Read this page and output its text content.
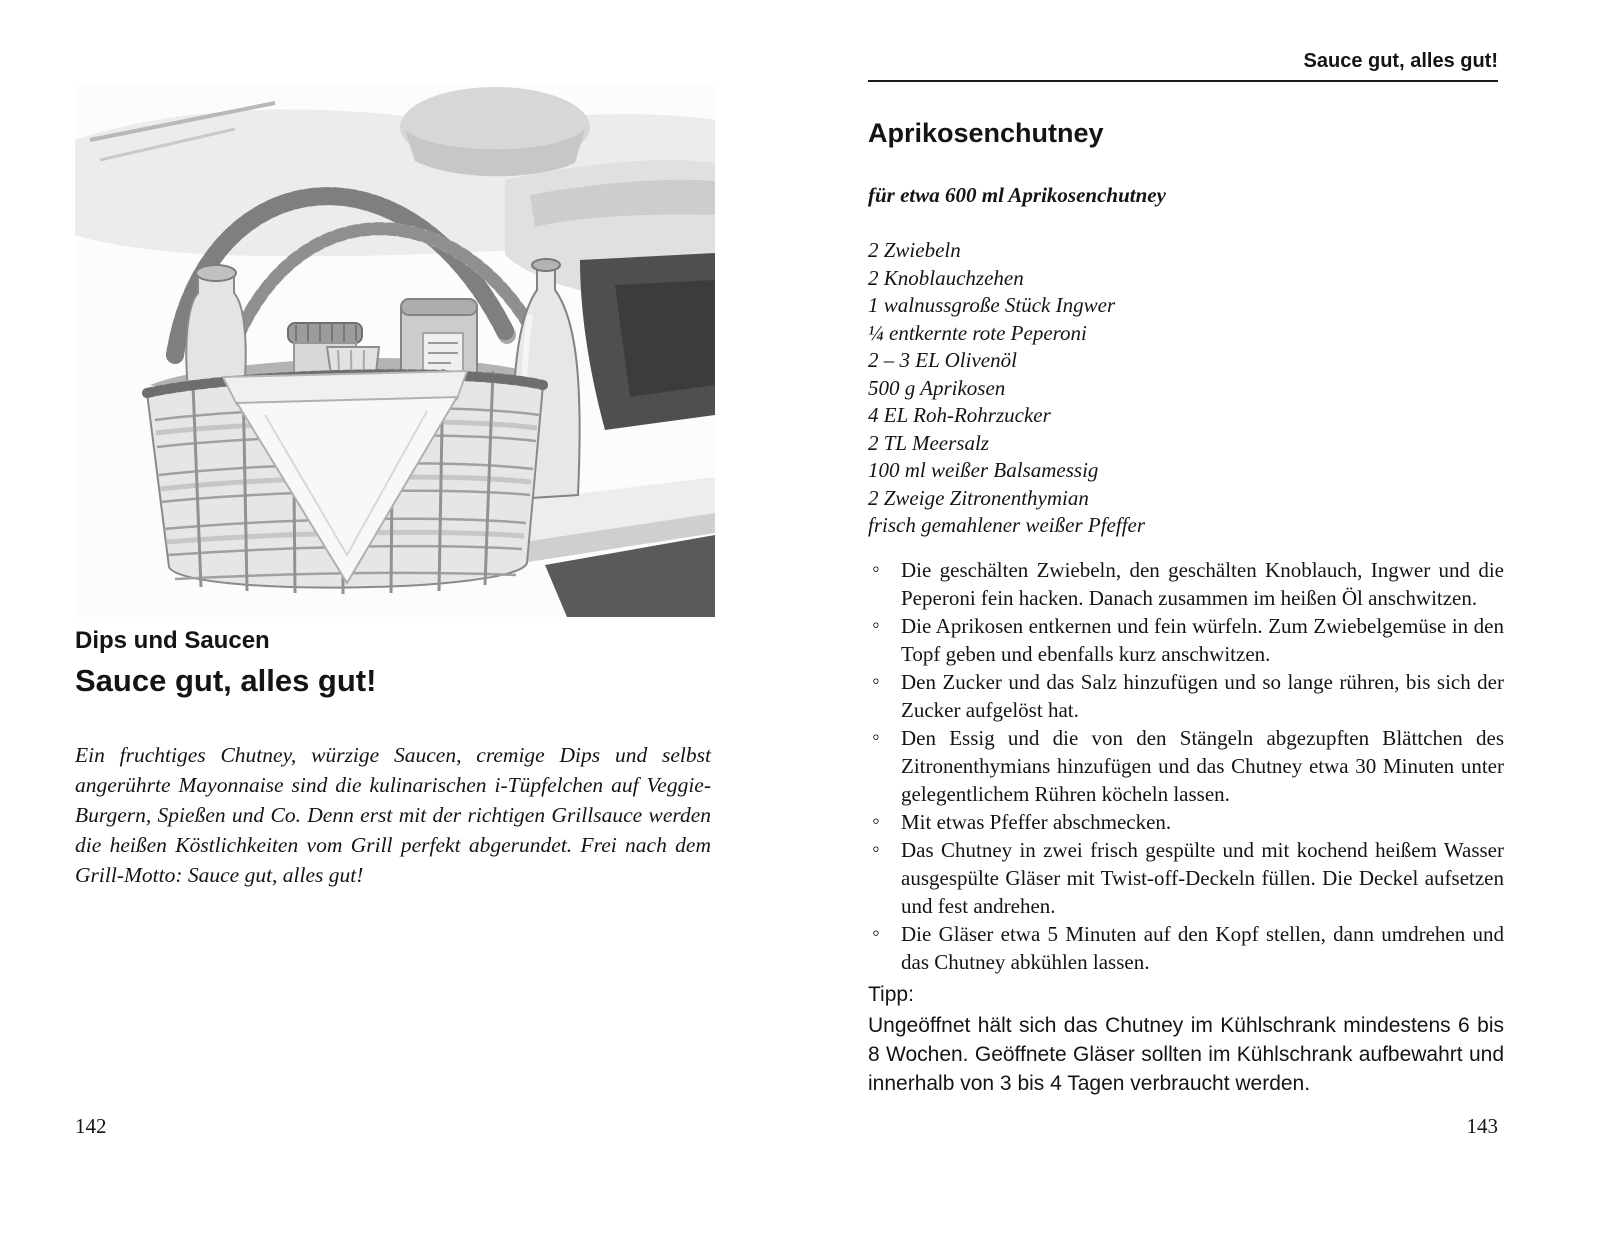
Dips und Saucen
Sauce gut, alles gut!

Ein fruchtiges Chutney, würzige Saucen, cremige Dips und selbst angerührte Mayonnaise sind die kulinarischen i-Tüpfelchen auf Veggie-Burgern, Spießen und Co. Denn erst mit der richtigen Grillsauce werden die heißen Köstlichkeiten vom Grill perfekt abgerundet. Frei nach dem Grill-Motto: Sauce gut, alles gut!

142
Sauce gut, alles gut!
Aprikosenchutney

für etwa 600 ml Aprikosenchutney

2 Zwiebeln
2 Knoblauchzehen
1 walnussgroße Stück Ingwer
¼ entkernte rote Peperoni
2 – 3 EL Olivenöl
500 g Aprikosen
4 EL Roh-Rohrzucker
2 TL Meersalz
100 ml weißer Balsamessig
2 Zweige Zitronenthymian
frisch gemahlener weißer Pfeffer
◦ Die geschälten Zwiebeln, den geschälten Knoblauch, Ingwer und die Peperoni fein hacken. Danach zusammen im heißen Öl anschwitzen.
◦ Die Aprikosen entkernen und fein würfeln. Zum Zwiebelgemüse in den Topf geben und ebenfalls kurz anschwitzen.
◦ Den Zucker und das Salz hinzufügen und so lange rühren, bis sich der Zucker aufgelöst hat.
◦ Den Essig und die von den Stängeln abgezupften Blättchen des Zitronenthymians hinzufügen und das Chutney etwa 30 Minuten unter gelegentlichem Rühren köcheln lassen.
◦ Mit etwas Pfeffer abschmecken.
◦ Das Chutney in zwei frisch gespülte und mit kochend heißem Wasser ausgespülte Gläser mit Twist-off-Deckeln füllen. Die Deckel aufsetzen und fest andrehen.
◦ Die Gläser etwa 5 Minuten auf den Kopf stellen, dann umdrehen und das Chutney abkühlen lassen.
Tipp:

Ungeöffnet hält sich das Chutney im Kühlschrank mindestens 6 bis 8 Wochen. Geöffnete Gläser sollten im Kühlschrank aufbewahrt und innerhalb von 3 bis 4 Tagen verbraucht werden.

143
